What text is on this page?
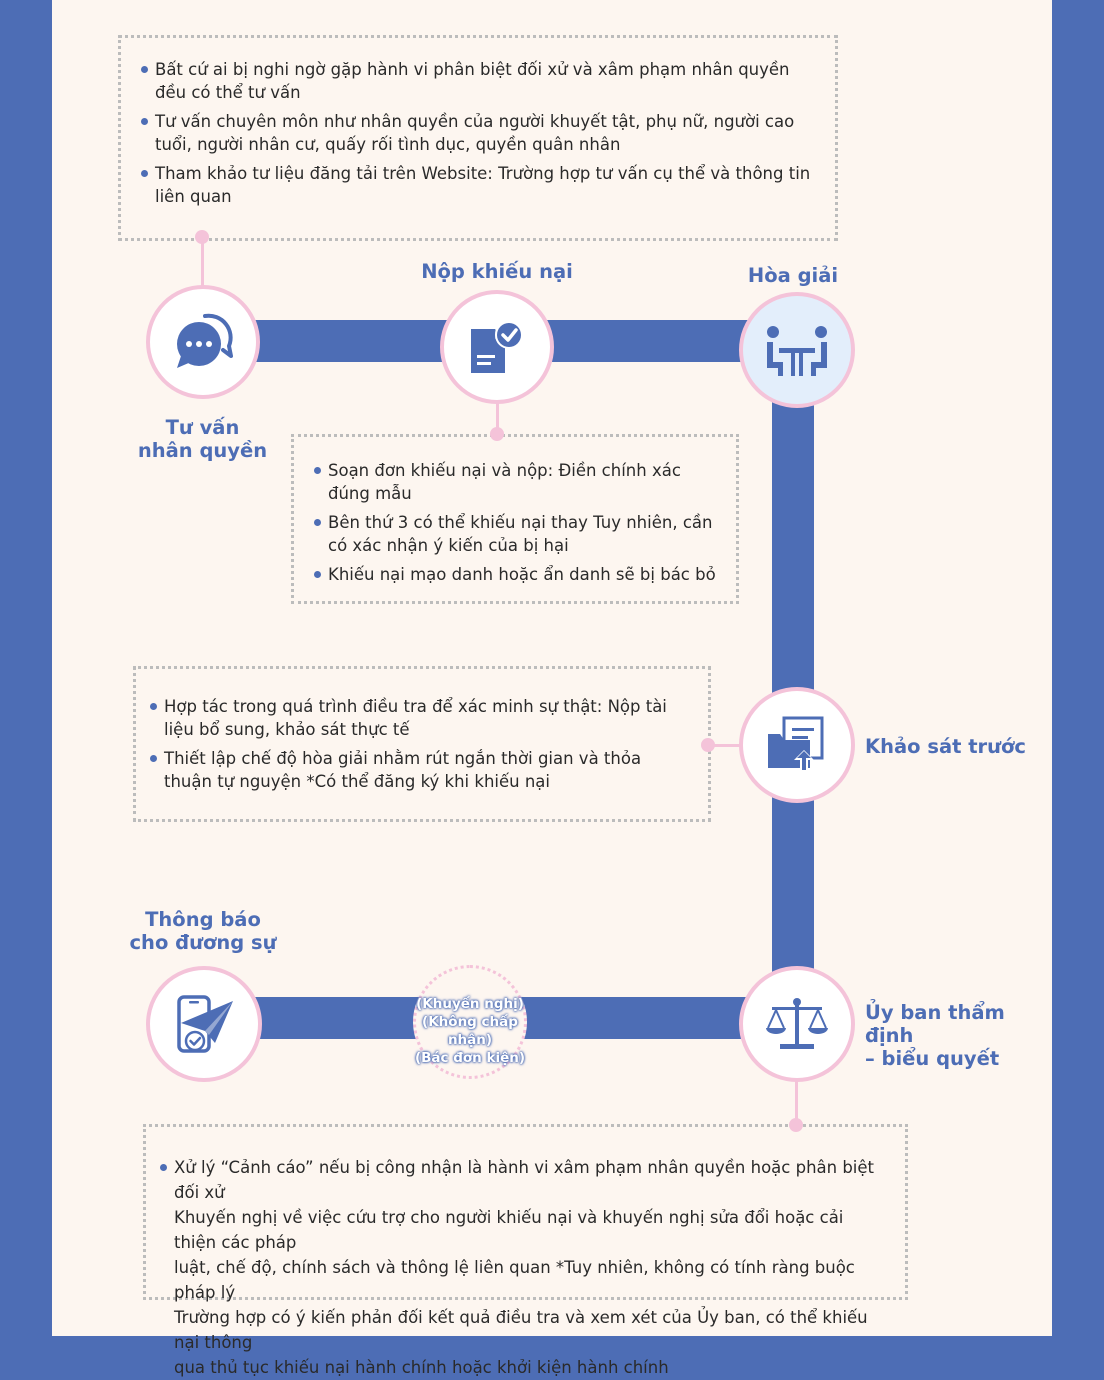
Bất cứ ai bị nghi ngờ gặp hành vi phân biệt đối xử và xâm phạm nhân quyền đều có thể tư vấn
Tư vấn chuyên môn như nhân quyền của người khuyết tật, phụ nữ, người cao tuổi, người nhân cư, quấy rối tình dục, quyền quân nhân
Tham khảo tư liệu đăng tải trên Website: Trường hợp tư vấn cụ thể và thông tin liên quan
Soạn đơn khiếu nại và nộp: Điền chính xác đúng mẫu
Bên thứ 3 có thể khiếu nại thay Tuy nhiên, cần có xác nhận ý kiến của bị hại
Khiếu nại mạo danh hoặc ẩn danh sẽ bị bác bỏ
Hợp tác trong quá trình điều tra để xác minh sự thật: Nộp tài liệu bổ sung, khảo sát thực tế
Thiết lập chế độ hòa giải nhằm rút ngắn thời gian và thỏa thuận tự nguyện *Có thể đăng ký khi khiếu nại
Xử lý “Cảnh cáo” nếu bị công nhận là hành vi xâm phạm nhân quyền hoặc phân biệt đối xử
Khuyến nghị về việc cứu trợ cho người khiếu nại và khuyến nghị sửa đổi hoặc cải thiện các pháp
luật, chế độ, chính sách và thông lệ liên quan *Tuy nhiên, không có tính ràng buộc pháp lý
Trường hợp có ý kiến phản đối kết quả điều tra và xem xét của Ủy ban, có thể khiếu nại thông
qua thủ tục khiếu nại hành chính hoặc khởi kiện hành chính
Tư vấn
nhân quyền
Nộp khiếu nại	Hòa giải
Khảo sát trước
Ủy ban thẩm định
– biểu quyết
Thông báo
cho đương sự
(Khuyến nghị)
(Không chấp nhận)
(Bác đơn kiện)
